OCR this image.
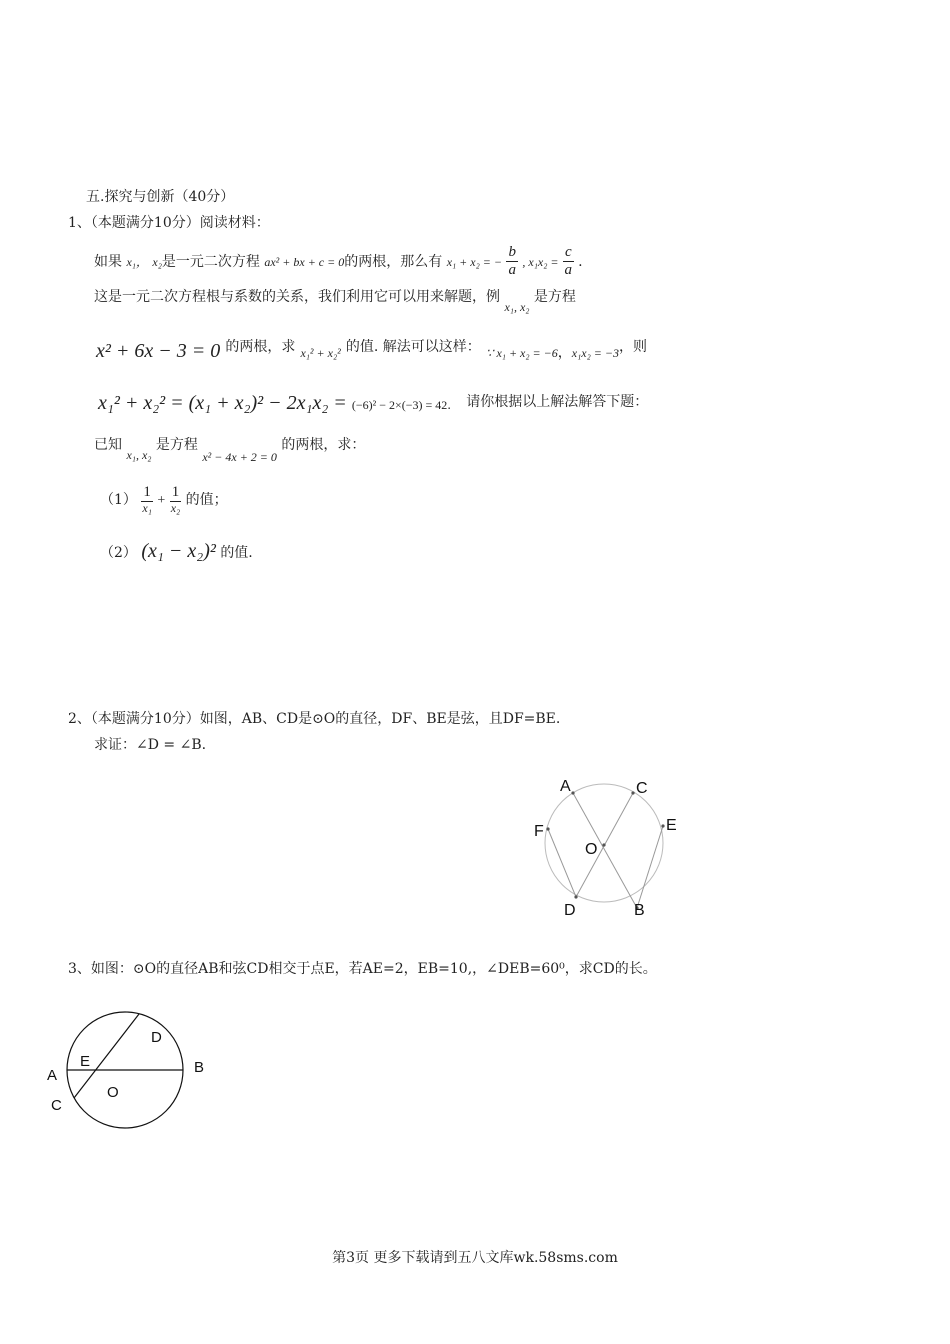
五.探究与创新（40分）
1、（本题满分10分）阅读材料：
如果 x₁， x₂是一元二次方程 ax² + bx + c = 0的两根，那么有 x₁ + x₂ = − $\frac{b}{a}$ , $x_1x_2 = \frac{c}{a}$ .
这是一元二次方程根与系数的关系，我们利用它可以用来解题，例 x₁, x₂ 是方程
x² + 6x − 3 = 0 的两根，求 x₁² + x₂² 的值. 解法可以这样： ∵ x₁ + x₂ = −6，x₁x₂ = −3，则
x₁² + x₂² = (x₁ + x₂)² − 2x₁x₂ = (−6)² − 2×(−3) = 42. 请你根据以上解法解答下题：
已知 x₁, x₂ 是方程 x² − 4x + 2 = 0 的两根，求：
$(1) \frac{1}{\text{x₁}} + \frac{1}{\text{x₂}}$ 的值；
（2） (x₁ − x₂)² 的值.
2、（本题满分10分）如图，AB、CD是⊙O的直径，DF、BE是弦，且DF=BE.
求证：∠D = ∠B.
A	C
F	E
O
D	B
3、如图：⊙O的直径AB和弦CD相交于点E，若AE=2，EB=10,，∠DEB=60⁰，求CD的长。
D
E
A	B
O
C
第3页 更多下载请到五八文库wk.58sms.com
